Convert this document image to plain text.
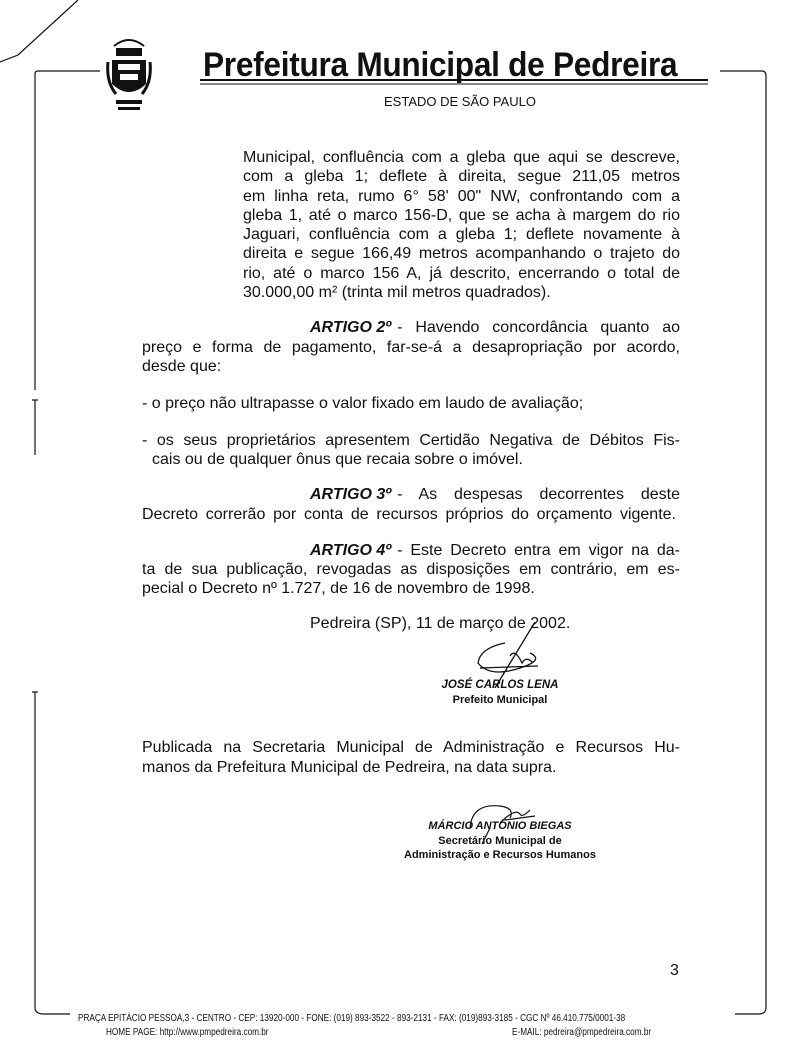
Prefeitura Municipal de Pedreira
ESTADO DE SÃO PAULO
Municipal, confluência com a gleba que aqui se descreve,
com a gleba 1; deflete à direita, segue 211,05 metros
em linha reta, rumo 6° 58' 00" NW, confrontando com a
gleba 1, até o marco 156-D, que se acha à margem do rio
Jaguari, confluência com a gleba 1; deflete novamente à
direita e segue 166,49 metros acompanhando o trajeto do
rio, até o marco 156 A, já descrito, encerrando o total de
30.000,00 m² (trinta mil metros quadrados).
ARTIGO 2º - Havendo concordância quanto ao
preço e forma de pagamento, far-se-á a desapropriação por acordo,
desde que:
- o preço não ultrapasse o valor fixado em laudo de avaliação;
- os seus proprietários apresentem Certidão Negativa de Débitos Fis-
cais ou de qualquer ônus que recaia sobre o imóvel.
ARTIGO 3º - As despesas decorrentes deste
Decreto correrão por conta de recursos próprios do orçamento vigente.
ARTIGO 4º - Este Decreto entra em vigor na da-
ta de sua publicação, revogadas as disposições em contrário, em es-
pecial o Decreto nº 1.727, de 16 de novembro de 1998.
Pedreira (SP), 11 de março de 2002.
JOSÉ CARLOS LENA
Prefeito Municipal
Publicada na Secretaria Municipal de Administração e Recursos Hu-
manos da Prefeitura Municipal de Pedreira, na data supra.
MÁRCIO ANTÔNIO BIEGAS
Secretário Municipal de
Administração e Recursos Humanos
3
PRAÇA EPITÁCIO PESSOA,3 - CENTRO - CEP: 13920-000 - FONE: (019) 893-3522 - 893-2131 - FAX: (019)893-3185 - CGC Nº 46.410.775/0001-38
HOME PAGE: http://www.pmpedreira.com.br	E-MAIL: pedreira@pmpedreira.com.br
